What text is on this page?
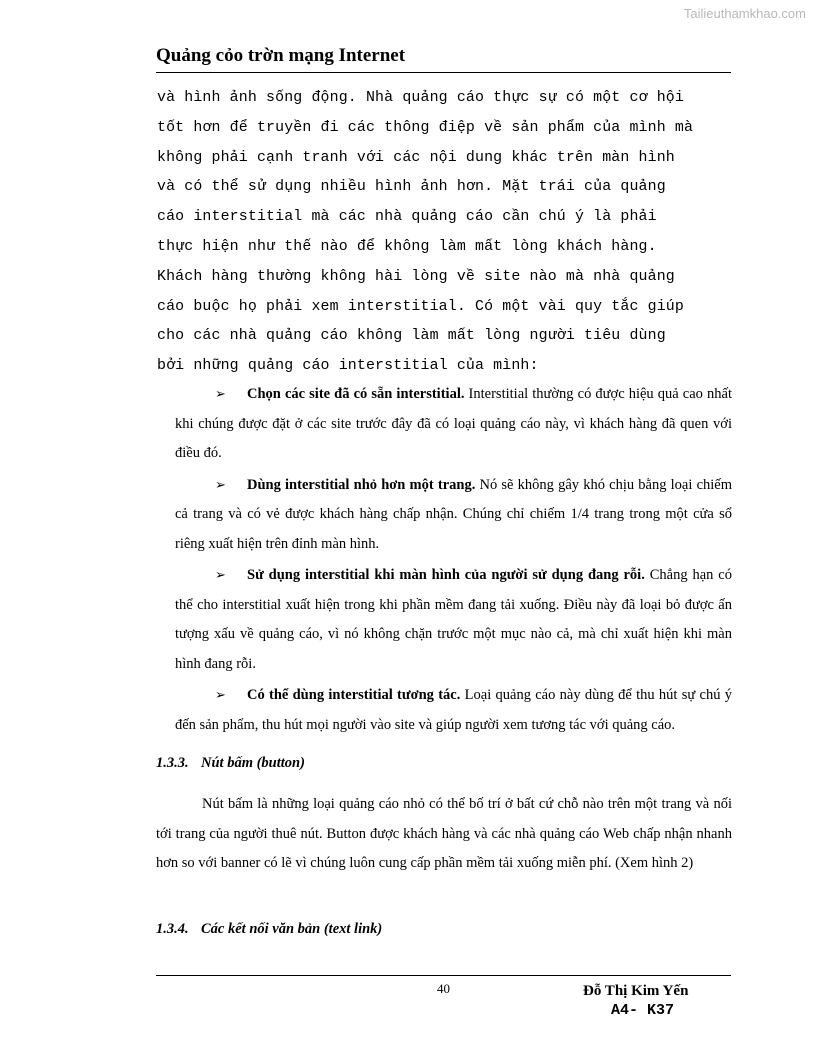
Tailieuthamkhao.com
Quảng cỏo trờn mạng Internet
và hình ảnh sống động. Nhà quảng cáo thực sự có một cơ hội
tốt hơn để truyền đi các thông điệp về sản phẩm của mình mà
không phải cạnh tranh với các nội dung khác trên màn hình
và có thể sử dụng nhiều hình ảnh hơn. Mặt trái của quảng
cáo interstitial mà các nhà quảng cáo cần chú ý là phải
thực hiện như thế nào để không làm mất lòng khách hàng.
Khách hàng thường không hài lòng về site nào mà nhà quảng
cáo buộc họ phải xem interstitial. Có một vài quy tắc giúp
cho các nhà quảng cáo không làm mất lòng người tiêu dùng
bởi những quảng cáo interstitial của mình:

➢ Chọn các site đã có sẵn interstitial. Interstitial thường có được hiệu quả cao nhất khi chúng được đặt ở các site trước đây đã có loại quảng cáo này, vì khách hàng đã quen với điều đó.

➢ Dùng interstitial nhỏ hơn một trang. Nó sẽ không gây khó chịu bằng loại chiếm cả trang và có vẻ được khách hàng chấp nhận. Chúng chỉ chiếm 1/4 trang trong một cửa sổ riêng xuất hiện trên đỉnh màn hình.

➢ Sử dụng interstitial khi màn hình của người sử dụng đang rỗi. Chẳng hạn có thể cho interstitial xuất hiện trong khi phần mềm đang tải xuống. Điều này đã loại bỏ được ấn tượng xấu về quảng cáo, vì nó không chặn trước một mục nào cả, mà chỉ xuất hiện khi màn hình đang rỗi.

➢ Có thể dùng interstitial tương tác. Loại quảng cáo này dùng để thu hút sự chú ý đến sản phẩm, thu hút mọi người vào site và giúp người xem tương tác với quảng cáo.

1.3.3. Nút bấm (button)
Nút bấm là những loại quảng cáo nhỏ có thể bố trí ở bất cứ chỗ nào trên một trang và nối tới trang của người thuê nút. Button được khách hàng và các nhà quảng cáo Web chấp nhận nhanh hơn so với banner có lẽ vì chúng luôn cung cấp phần mềm tải xuống miễn phí. (Xem hình 2)
1.3.4. Các kết nối văn bản (text link)
40	Đỗ Thị Kim Yến
A4- K37
